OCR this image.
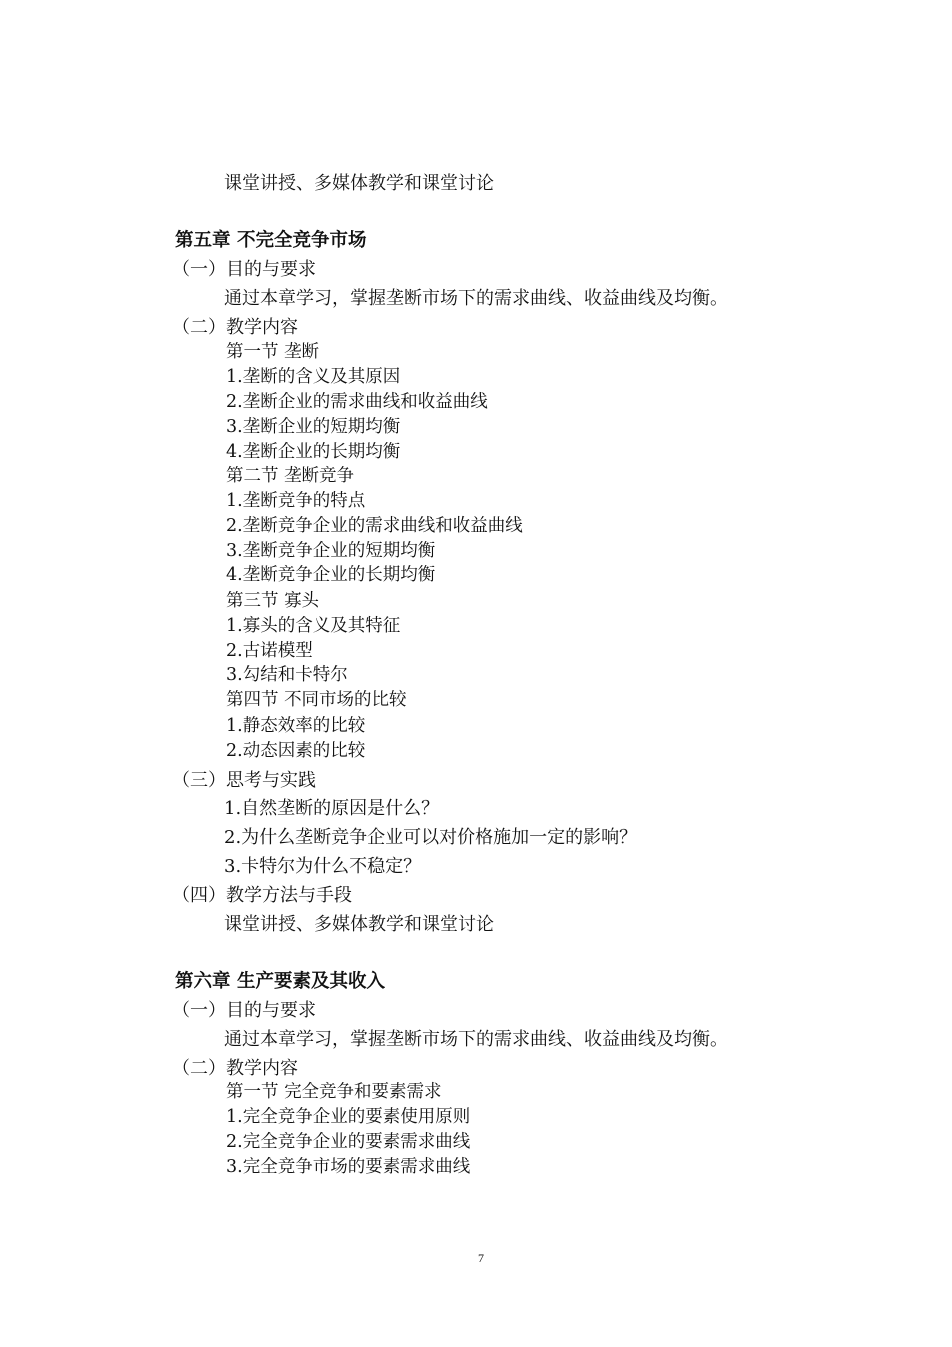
课堂讲授、多媒体教学和课堂讨论
第五章 不完全竞争市场
（一）目的与要求
通过本章学习，掌握垄断市场下的需求曲线、收益曲线及均衡。
（二）教学内容
第一节 垄断
1.垄断的含义及其原因
2.垄断企业的需求曲线和收益曲线
3.垄断企业的短期均衡
4.垄断企业的长期均衡
第二节 垄断竞争
1.垄断竞争的特点
2.垄断竞争企业的需求曲线和收益曲线
3.垄断竞争企业的短期均衡
4.垄断竞争企业的长期均衡
第三节 寡头
1.寡头的含义及其特征
2.古诺模型
3.勾结和卡特尔
第四节 不同市场的比较
1.静态效率的比较
2.动态因素的比较
（三）思考与实践
1.自然垄断的原因是什么？
2.为什么垄断竞争企业可以对价格施加一定的影响？
3.卡特尔为什么不稳定？
（四）教学方法与手段
课堂讲授、多媒体教学和课堂讨论
第六章 生产要素及其收入
（一）目的与要求
通过本章学习，掌握垄断市场下的需求曲线、收益曲线及均衡。
（二）教学内容
第一节 完全竞争和要素需求
1.完全竞争企业的要素使用原则
2.完全竞争企业的要素需求曲线
3.完全竞争市场的要素需求曲线
7
